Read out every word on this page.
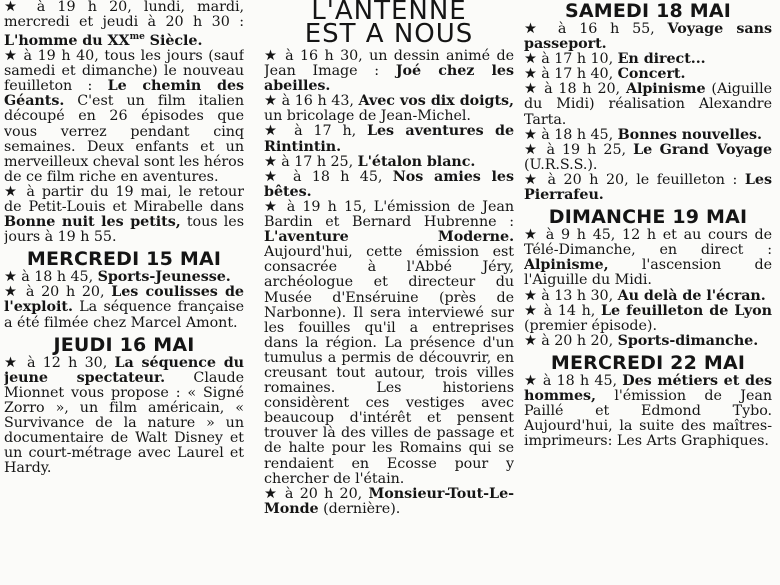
★ à 19 h 20, lundi, mardi, mercredi et jeudi à 20 h 30 : L'homme du $XX^{me}$ Siècle.

★ à 19 h 40, tous les jours (sauf samedi et dimanche) le nouveau feuilleton : Le chemin des Géants. C'est un film italien découpé en 26 épisodes que vous verrez pendant cinq semaines. Deux enfants et un merveilleux cheval sont les héros de ce film riche en aventures.

★ à partir du 19 mai, le retour de Petit-Louis et Mirabelle dans Bonne nuit les petits, tous les jours à 19 h 55.

MERCREDI 15 MAI

★ à 18 h 45, Sports-Jeunesse.

★ à 20 h 20, Les coulisses de l'exploit. La séquence française a été filmée chez Marcel Amont.

JEUDI 16 MAI

★ à 12 h 30, La séquence du jeune spectateur. Claude Mionnet vous propose : « Signé Zorro », un film américain, « Survivance de la nature » un documentaire de Walt Disney et un court-métrage avec Laurel et Hardy.

L'ANTENNE
EST A NOUS

★ à 16 h 30, un dessin animé de Jean Image : Joé chez les abeilles.

★ à 16 h 43, Avec vos dix doigts, un bricolage de Jean-Michel.

★ à 17 h, Les aventures de Rintintin.

★ à 17 h 25, L'étalon blanc.

★ à 18 h 45, Nos amies les bêtes.

★ à 19 h 15, L'émission de Jean Bardin et Bernard Hubrenne : L'aventure Moderne. Aujourd'hui, cette émission est consacrée à l'Abbé Jéry, archéologue et directeur du Musée d'Enséruine (près de Narbonne). Il sera interviewé sur les fouilles qu'il a entreprises dans la région. La présence d'un tumulus a permis de découvrir, en creusant tout autour, trois villes romaines. Les historiens considèrent ces vestiges avec beaucoup d'intérêt et pensent trouver là des villes de passage et de halte pour les Romains qui se rendaient en Ecosse pour y chercher de l'étain.

★ à 20 h 20, Monsieur-Tout-Le-Monde (dernière).

SAMEDI 18 MAI

★ à 16 h 55, Voyage sans passeport.

★ à 17 h 10, En direct...

★ à 17 h 40, Concert.

★ à 18 h 20, Alpinisme (Aiguille du Midi) réalisation Alexandre Tarta.

★ à 18 h 45, Bonnes nouvelles.

★ à 19 h 25, Le Grand Voyage (U.R.S.S.).

★ à 20 h 20, le feuilleton : Les Pierrafeu.

DIMANCHE 19 MAI

★ à 9 h 45, 12 h et au cours de Télé-Dimanche, en direct : Alpinisme, l'ascension de l'Aiguille du Midi.

★ à 13 h 30, Au delà de l'écran.

★ à 14 h, Le feuilleton de Lyon (premier épisode).

★ à 20 h 20, Sports-dimanche.

MERCREDI 22 MAI

★ à 18 h 45, Des métiers et des hommes, l'émission de Jean Paillé et Edmond Tybo. Aujourd'hui, la suite des maîtres-imprimeurs: Les Arts Graphiques.
